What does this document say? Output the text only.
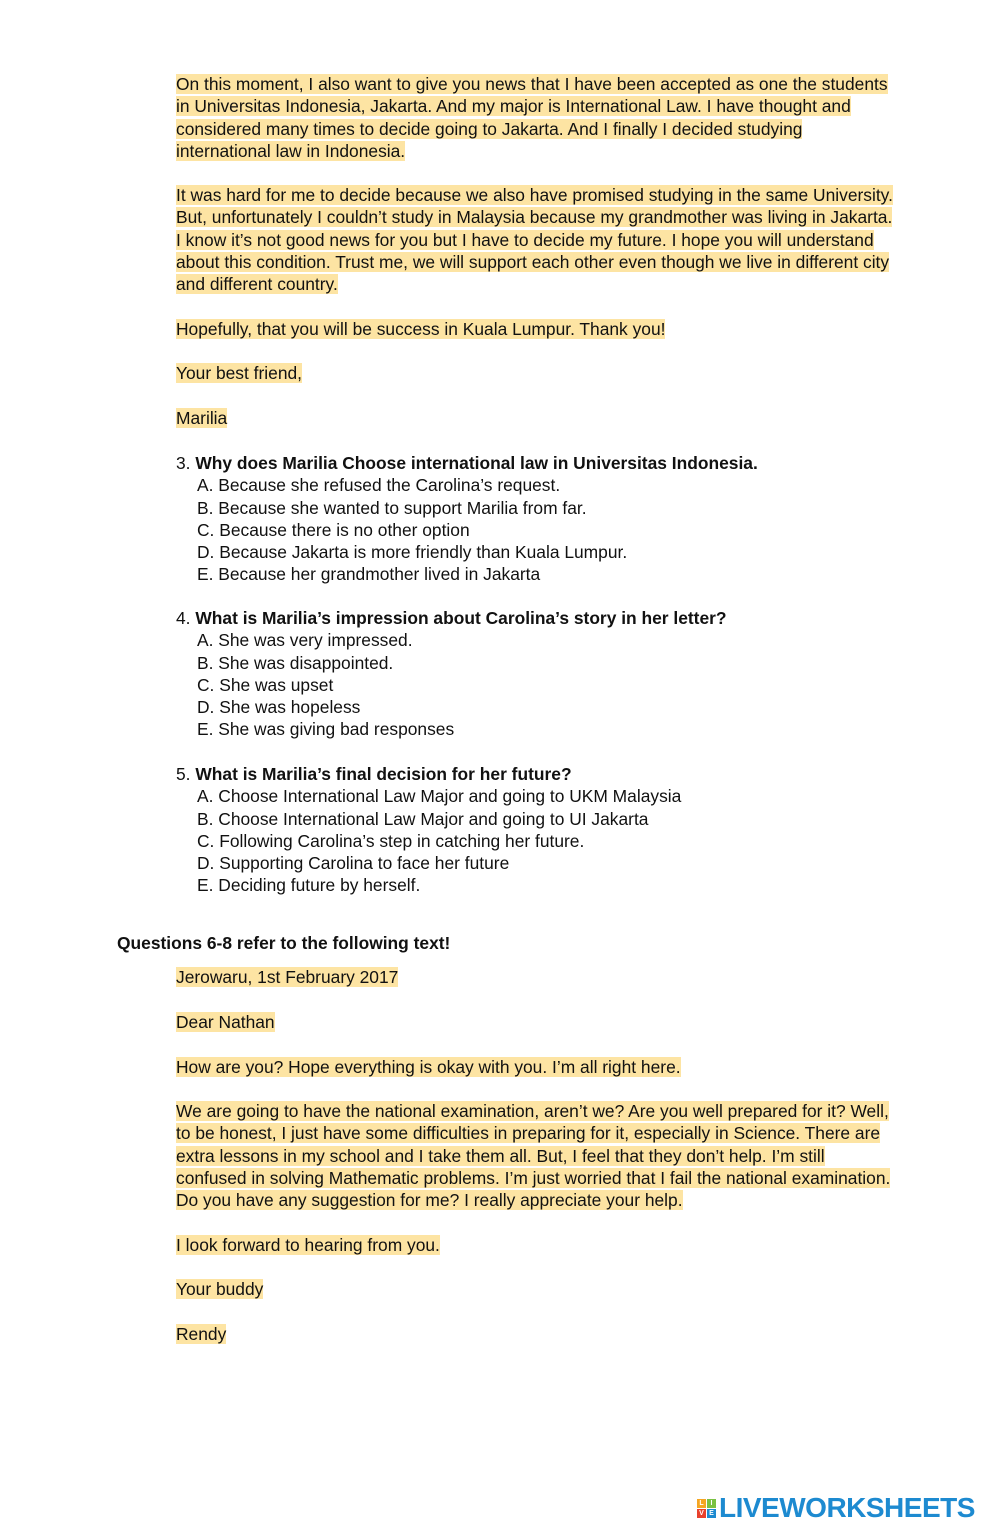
On this moment, I also want to give you news that I have been accepted as one the students in Universitas Indonesia, Jakarta. And my major is International Law. I have thought and considered many times to decide going to Jakarta. And I finally I decided studying international law in Indonesia.

It was hard for me to decide because we also have promised studying in the same University. But, unfortunately I couldn’t study in Malaysia because my grandmother was living in Jakarta. I know it’s not good news for you but I have to decide my future. I hope you will understand about this condition. Trust me, we will support each other even though we live in different city and different country.

Hopefully, that you will be success in Kuala Lumpur. Thank you!

Your best friend,

Marilia

3. Why does Marilia Choose international law in Universitas Indonesia.
A. Because she refused the Carolina’s request.
B. Because she wanted to support Marilia from far.
C. Because there is no other option
D. Because Jakarta is more friendly than Kuala Lumpur.
E. Because her grandmother lived in Jakarta
4. What is Marilia’s impression about Carolina’s story in her letter?
A. She was very impressed.
B. She was disappointed.
C. She was upset
D. She was hopeless
E. She was giving bad responses
5. What is Marilia’s final decision for her future?
A. Choose International Law Major and going to UKM Malaysia
B. Choose International Law Major and going to UI Jakarta
C. Following Carolina’s step in catching her future.
D. Supporting Carolina to face her future
E. Deciding future by herself.

Questions 6-8 refer to the following text!

Jerowaru, 1st February 2017

Dear Nathan

How are you? Hope everything is okay with you. I’m all right here.

We are going to have the national examination, aren’t we? Are you well prepared for it? Well, to be honest, I just have some difficulties in preparing for it, especially in Science. There are extra lessons in my school and I take them all. But, I feel that they don’t help. I’m still confused in solving Mathematic problems. I’m just worried that I fail the national examination. Do you have any suggestion for me? I really appreciate your help.

I look forward to hearing from you.

Your buddy

Rendy

L I
V E LIVEWORKSHEETS
